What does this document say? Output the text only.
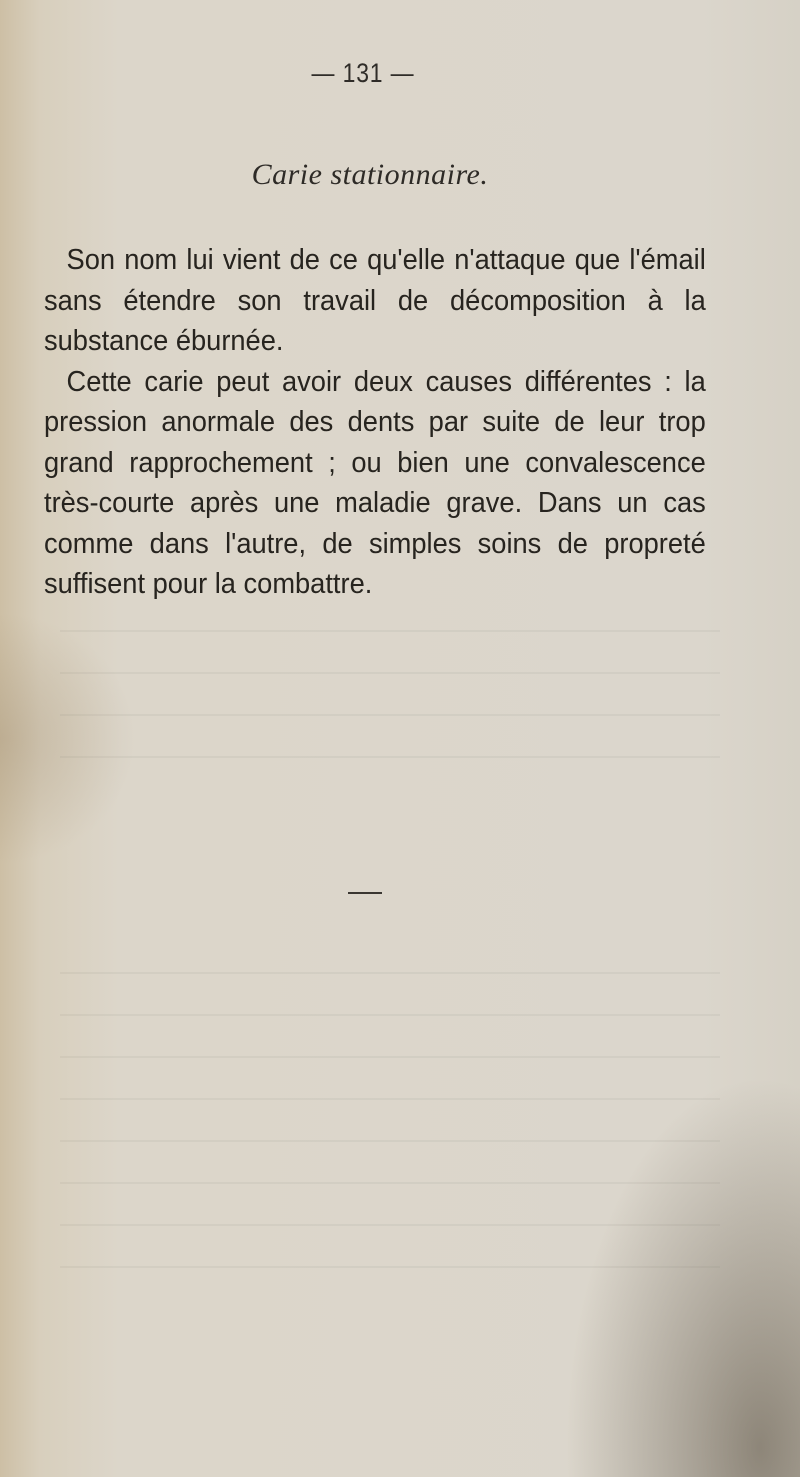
— 131 —
Carie stationnaire.

Son nom lui vient de ce qu'elle n'attaque que l'émail sans étendre son travail de décomposition à la substance éburnée.

Cette carie peut avoir deux causes différentes : la pression anormale des dents par suite de leur trop grand rapprochement ; ou bien une convalescence très-courte après une maladie grave. Dans un cas comme dans l'autre, de simples soins de propreté suffisent pour la combattre.
